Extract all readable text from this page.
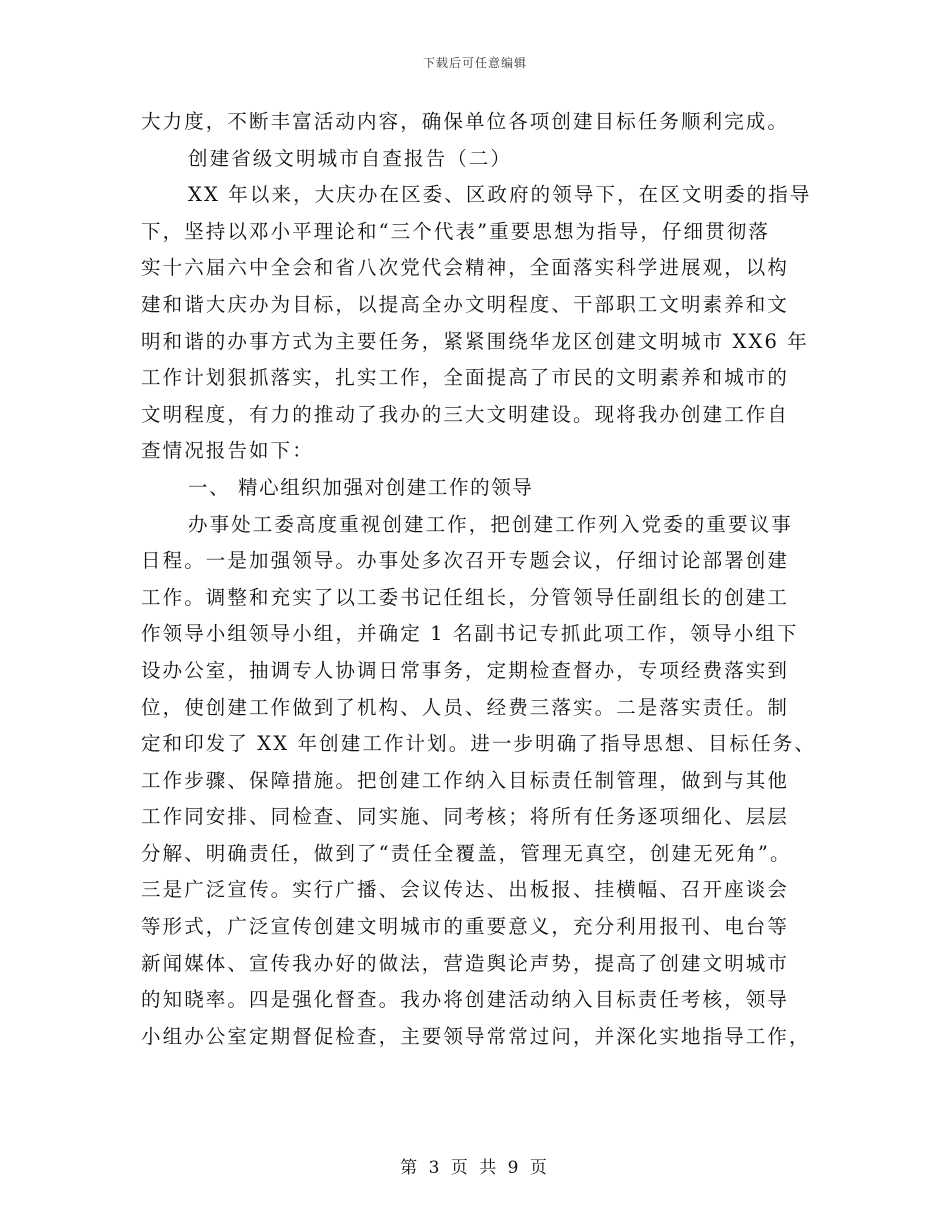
下载后可任意编辑
大力度，不断丰富活动内容，确保单位各项创建目标任务顺利完成。
创建省级文明城市自查报告（二）
XX 年以来，大庆办在区委、区政府的领导下，在区文明委的指导
下，坚持以邓小平理论和“三个代表”重要思想为指导，仔细贯彻落
实十六届六中全会和省八次党代会精神，全面落实科学进展观，以构
建和谐大庆办为目标，以提高全办文明程度、干部职工文明素养和文
明和谐的办事方式为主要任务，紧紧围绕华龙区创建文明城市 XX6 年
工作计划狠抓落实，扎实工作，全面提高了市民的文明素养和城市的
文明程度，有力的推动了我办的三大文明建设。现将我办创建工作自
查情况报告如下：
一、 精心组织加强对创建工作的领导
办事处工委高度重视创建工作，把创建工作列入党委的重要议事
日程。一是加强领导。办事处多次召开专题会议，仔细讨论部署创建
工作。调整和充实了以工委书记任组长，分管领导任副组长的创建工
作领导小组领导小组，并确定 1 名副书记专抓此项工作，领导小组下
设办公室，抽调专人协调日常事务，定期检查督办，专项经费落实到
位，使创建工作做到了机构、人员、经费三落实。二是落实责任。制
定和印发了 XX 年创建工作计划。进一步明确了指导思想、目标任务、
工作步骤、保障措施。把创建工作纳入目标责任制管理，做到与其他
工作同安排、同检查、同实施、同考核；将所有任务逐项细化、层层
分解、明确责任，做到了“责任全覆盖，管理无真空，创建无死角”。
三是广泛宣传。实行广播、会议传达、出板报、挂横幅、召开座谈会
等形式，广泛宣传创建文明城市的重要意义，充分利用报刊、电台等
新闻媒体、宣传我办好的做法，营造舆论声势，提高了创建文明城市
的知晓率。四是强化督查。我办将创建活动纳入目标责任考核，领导
小组办公室定期督促检查，主要领导常常过问，并深化实地指导工作，
第 3 页 共 9 页
